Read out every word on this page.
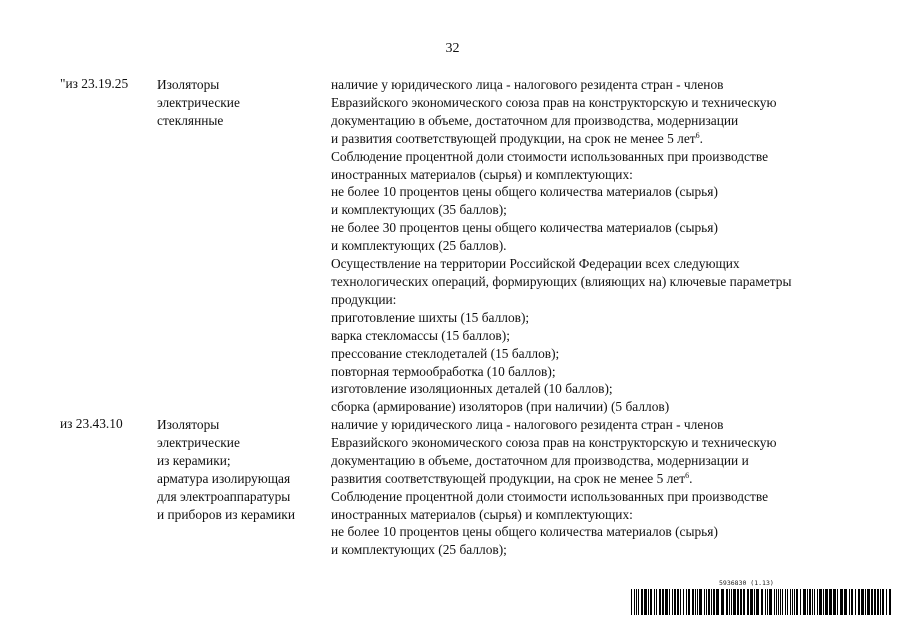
32
"из 23.19.25 Изоляторы
электрические
стеклянные
наличие у юридического лица - налогового резидента стран - членов
Евразийского экономического союза прав на конструкторскую и техническую
документацию в объеме, достаточном для производства, модернизации
и развития соответствующей продукции, на срок не менее 5 лет$^6$.
Соблюдение процентной доли стоимости использованных при производстве
иностранных материалов (сырья) и комплектующих:
не более 10 процентов цены общего количества материалов (сырья)
и комплектующих (35 баллов);
не более 30 процентов цены общего количества материалов (сырья)
и комплектующих (25 баллов).
Осуществление на территории Российской Федерации всех следующих
технологических операций, формирующих (влияющих на) ключевые параметры
продукции:
приготовление шихты (15 баллов);
варка стекломассы (15 баллов);
прессование стеклодеталей (15 баллов);
повторная термообработка (10 баллов);
изготовление изоляционных деталей (10 баллов);
сборка (армирование) изоляторов (при наличии) (5 баллов)
из 23.43.10	Изоляторы
электрические
из керамики;
арматура изолирующая
для электроаппаратуры
и приборов из керамики
наличие у юридического лица - налогового резидента стран - членов
Евразийского экономического союза прав на конструкторскую и техническую
документацию в объеме, достаточном для производства, модернизации и
развития соответствующей продукции, на срок не менее 5 лет$^6$.
Соблюдение процентной доли стоимости использованных при производстве
иностранных материалов (сырья) и комплектующих:
не более 10 процентов цены общего количества материалов (сырья)
и комплектующих (25 баллов);
5936830 (1.13)
